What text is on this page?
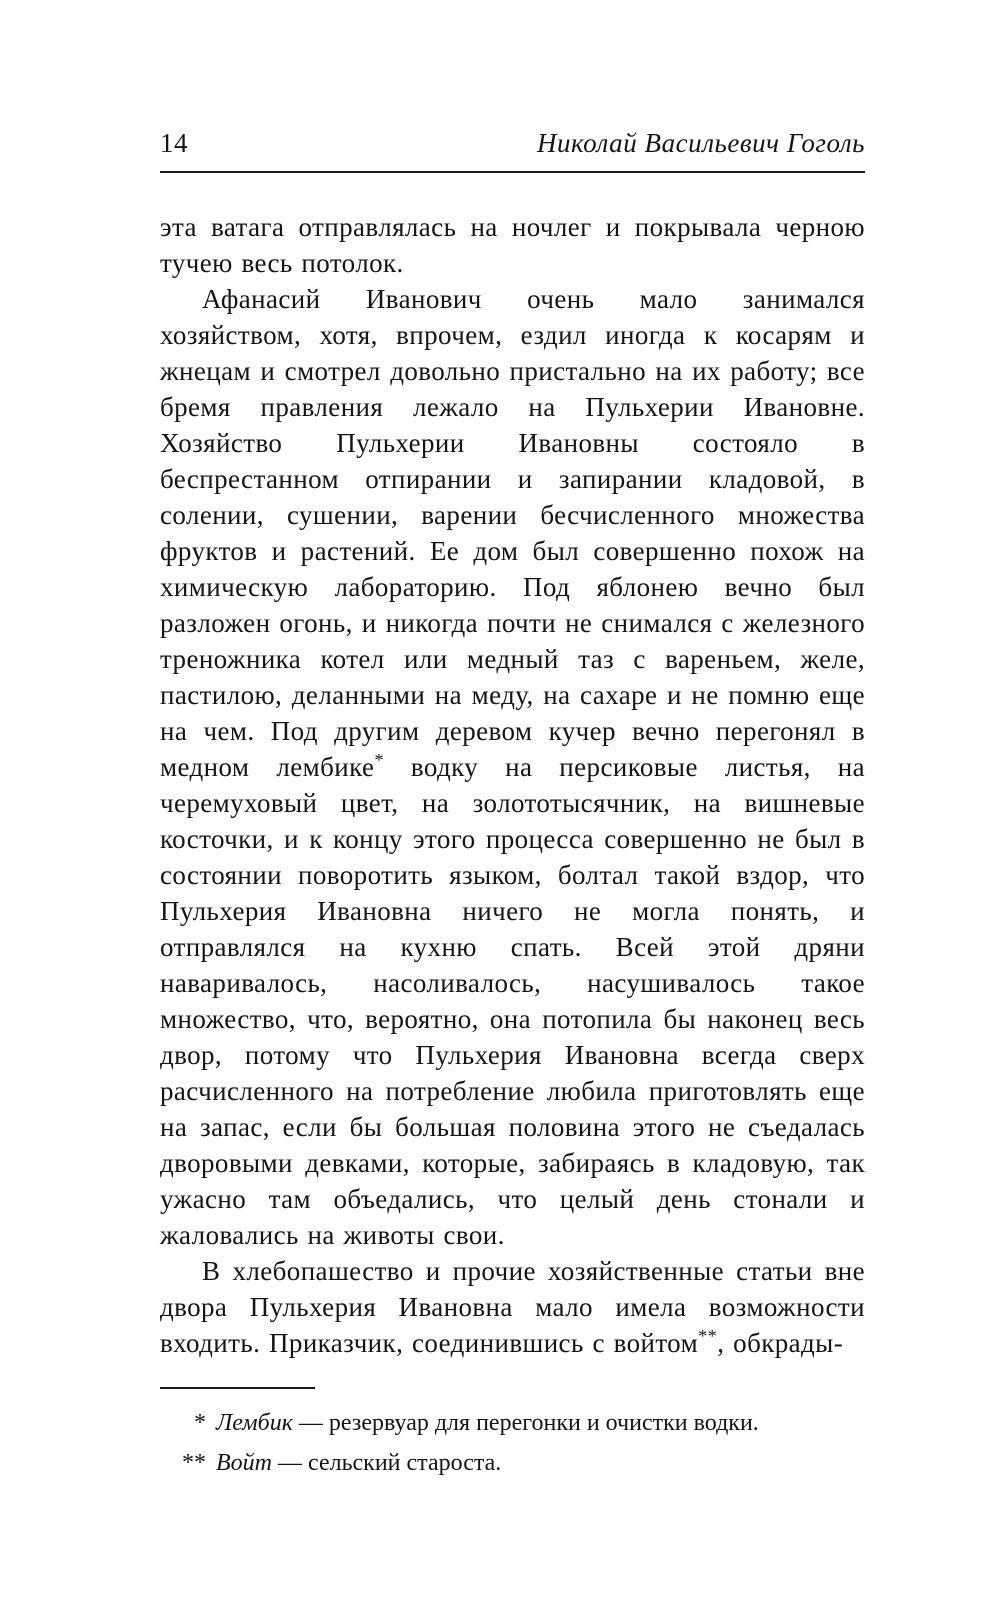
14	Николай Васильевич Гоголь

эта ватага отправлялась на ночлег и покрывала черною тучею весь потолок.

Афанасий Иванович очень мало занимался хозяйством, хотя, впрочем, ездил иногда к косарям и жнецам и смотрел довольно пристально на их работу; все бремя правления лежало на Пульхерии Ивановне. Хозяйство Пульхерии Ивановны состояло в беспрестанном отпирании и запирании кладовой, в солении, сушении, варении бесчисленного множества фруктов и растений. Ее дом был совершенно похож на химическую лабораторию. Под яблонею вечно был разложен огонь, и никогда почти не снимался с железного треножника котел или медный таз с вареньем, желе, пастилою, деланными на меду, на сахаре и не помню еще на чем. Под другим деревом кучер вечно перегонял в медном лембике* водку на персиковые листья, на черемуховый цвет, на золототысячник, на вишневые косточки, и к концу этого процесса совершенно не был в состоянии поворотить языком, болтал такой вздор, что Пульхерия Ивановна ничего не могла понять, и отправлялся на кухню спать. Всей этой дряни наваривалось, насоливалось, насушивалось такое множество, что, вероятно, она потопила бы наконец весь двор, потому что Пульхерия Ивановна всегда сверх расчисленного на потребление любила приготовлять еще на запас, если бы большая половина этого не съедалась дворовыми девками, которые, забираясь в кладовую, так ужасно там объедались, что целый день стонали и жаловались на животы свои.

В хлебопашество и прочие хозяйственные статьи вне двора Пульхерия Ивановна мало имела возможности входить. Приказчик, соединившись с войтом**, обкрады-

* Лембик — резервуар для перегонки и очистки водки.

** Войт — сельский староста.
